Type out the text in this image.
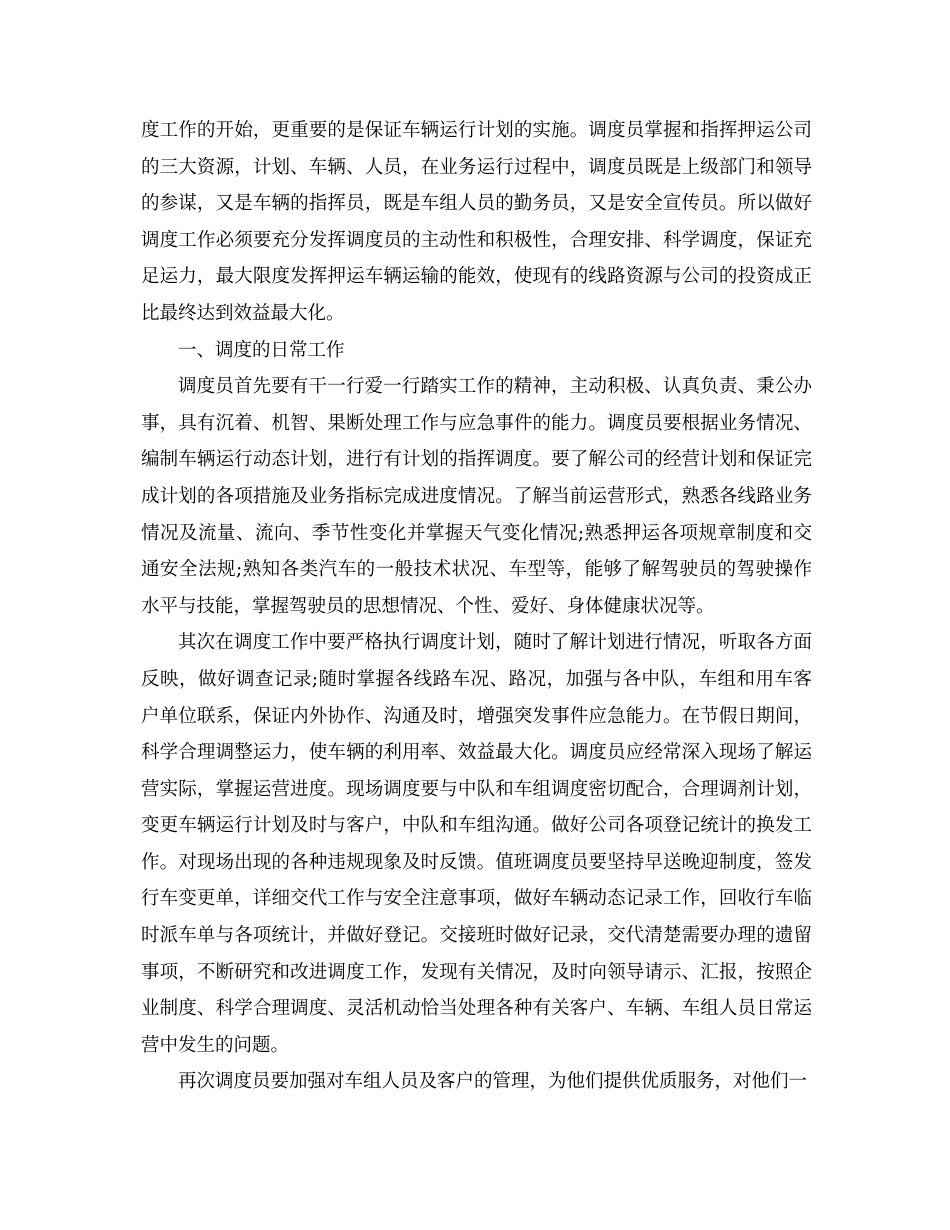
度工作的开始，更重要的是保证车辆运行计划的实施。调度员掌握和指挥押运公司的三大资源，计划、车辆、人员，在业务运行过程中，调度员既是上级部门和领导的参谋，又是车辆的指挥员，既是车组人员的勤务员，又是安全宣传员。所以做好调度工作必须要充分发挥调度员的主动性和积极性，合理安排、科学调度，保证充足运力，最大限度发挥押运车辆运输的能效，使现有的线路资源与公司的投资成正比最终达到效益最大化。

一、调度的日常工作

调度员首先要有干一行爱一行踏实工作的精神，主动积极、认真负责、秉公办事，具有沉着、机智、果断处理工作与应急事件的能力。调度员要根据业务情况、编制车辆运行动态计划，进行有计划的指挥调度。要了解公司的经营计划和保证完成计划的各项措施及业务指标完成进度情况。了解当前运营形式，熟悉各线路业务情况及流量、流向、季节性变化并掌握天气变化情况;熟悉押运各项规章制度和交通安全法规;熟知各类汽车的一般技术状况、车型等，能够了解驾驶员的驾驶操作水平与技能，掌握驾驶员的思想情况、个性、爱好、身体健康状况等。

其次在调度工作中要严格执行调度计划，随时了解计划进行情况，听取各方面反映，做好调查记录;随时掌握各线路车况、路况，加强与各中队，车组和用车客户单位联系，保证内外协作、沟通及时，增强突发事件应急能力。在节假日期间，科学合理调整运力，使车辆的利用率、效益最大化。调度员应经常深入现场了解运营实际，掌握运营进度。现场调度要与中队和车组调度密切配合，合理调剂计划，变更车辆运行计划及时与客户，中队和车组沟通。做好公司各项登记统计的换发工作。对现场出现的各种违规现象及时反馈。值班调度员要坚持早送晚迎制度，签发行车变更单，详细交代工作与安全注意事项，做好车辆动态记录工作，回收行车临时派车单与各项统计，并做好登记。交接班时做好记录，交代清楚需要办理的遗留事项，不断研究和改进调度工作，发现有关情况，及时向领导请示、汇报，按照企业制度、科学合理调度、灵活机动恰当处理各种有关客户、车辆、车组人员日常运营中发生的问题。

再次调度员要加强对车组人员及客户的管理，为他们提供优质服务，对他们一
